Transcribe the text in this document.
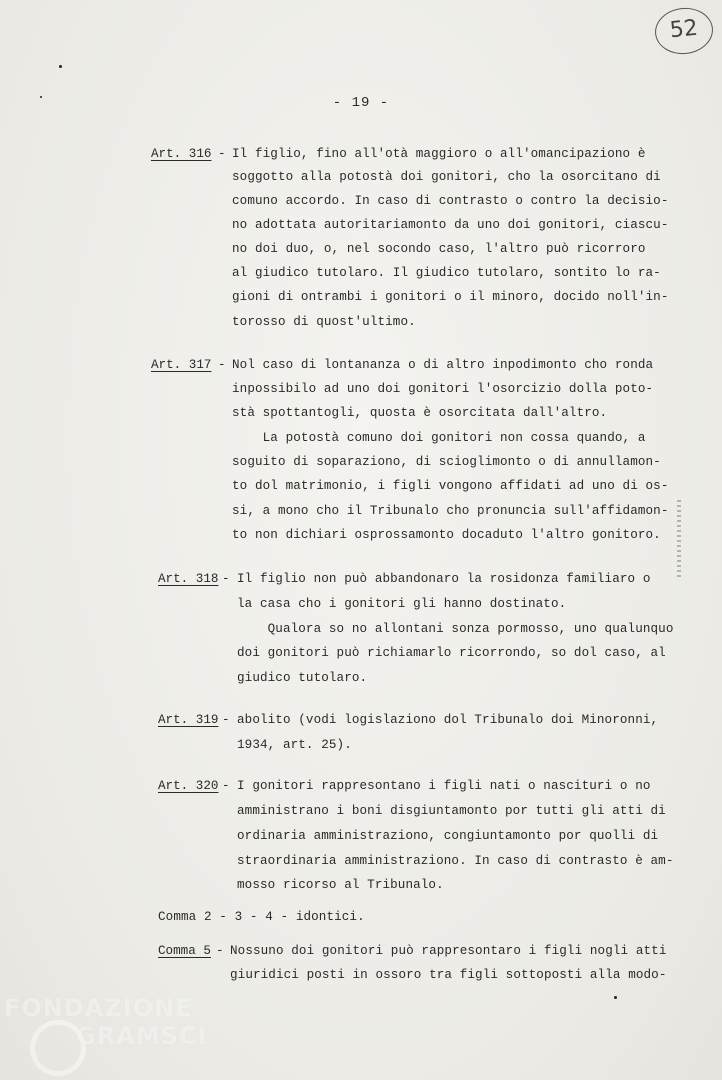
52
- 19 -
Art. 316 - Il figlio, fino all'otà maggioro o all'omancipaziono è
soggotto alla potostà doi gonitori, cho la osorcitano di
comuno accordo. In caso di contrasto o contro la decisio-
no adottata autoritariamonto da uno doi gonitori, ciascu-
no doi duo, o, nel socondo caso, l'altro può ricorroro
al giudico tutolaro. Il giudico tutolaro, sontito lo ra-
gioni di ontrambi i gonitori o il minoro, docido noll'in-
torosso di quost'ultimo.
Art. 317 - Nol caso di lontananza o di altro inpodimonto cho ronda
inpossibilo ad uno doi gonitori l'osorcizio dolla poto-
stà spottantogli, quosta è osorcitata dall'altro.
La potostà comuno doi gonitori non cossa quando, a
soguito di soparaziono, di scioglimonto o di annullamon-
to dol matrimonio, i figli vongono affidati ad uno di os-
si, a mono cho il Tribunalo cho pronuncia sull'affidamon-
to non dichiari osprossamonto docaduto l'altro gonitoro.
Art. 318 - Il figlio non può abbandonaro la rosidonza familiaro o
la casa cho i gonitori gli hanno dostinato.
Qualora so no allontani sonza pormosso, uno qualunquo
doi gonitori può richiamarlo ricorrondo, so dol caso, al
giudico tutolaro.
Art. 319 - abolito (vodi logislaziono dol Tribunalo doi Minoronni,
1934, art. 25).
Art. 320 - I gonitori rappresontano i figli nati o nascituri o no
amministrano i boni disgiuntamonto por tutti gli atti di
ordinaria amministraziono, congiuntamonto por quolli di
straordinaria amministraziono. In caso di contrasto è am-
mosso ricorso al Tribunalo.
Comma 2 - 3 - 4 - idontici.
Comma 5 - Nossuno doi gonitori può rappresontaro i figli nogli atti
giuridici posti in ossoro tra figli sottoposti alla modo-
FONDAZIONE
GRAMSCI
